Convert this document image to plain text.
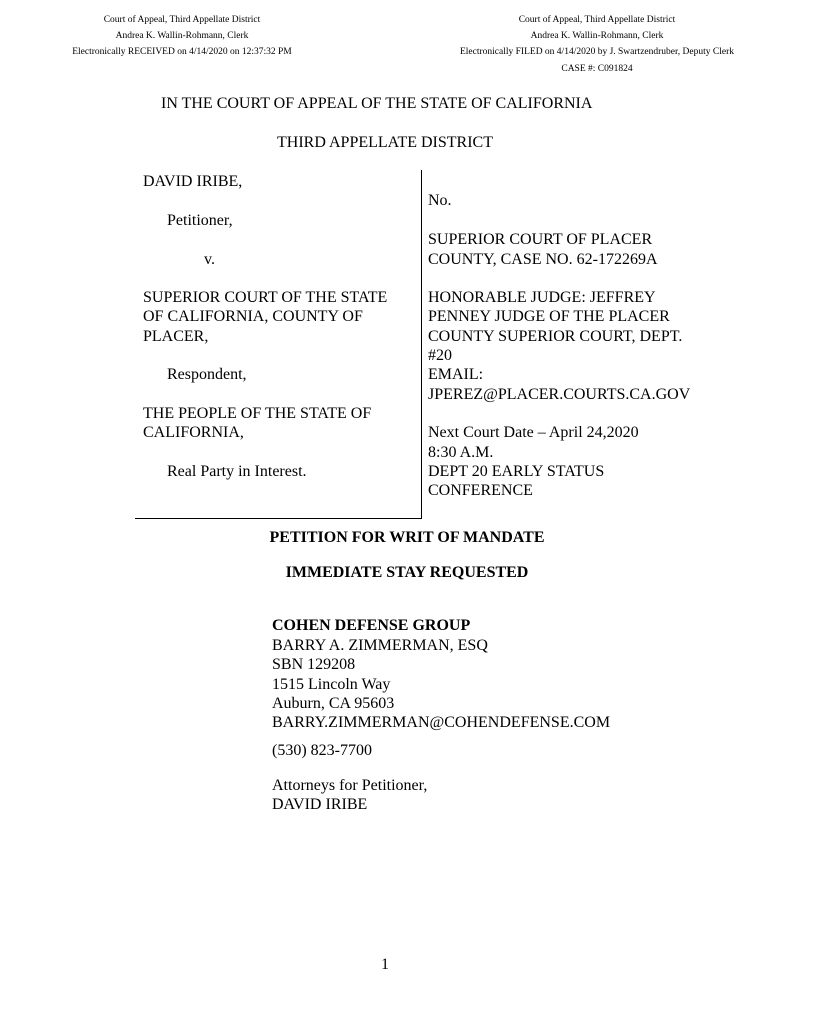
Court of Appeal, Third Appellate District
Andrea K. Wallin-Rohmann, Clerk
Electronically RECEIVED on 4/14/2020 on 12:37:32 PM
Court of Appeal, Third Appellate District
Andrea K. Wallin-Rohmann, Clerk
Electronically FILED on 4/14/2020 by J. Swartzendruber, Deputy Clerk
CASE #: C091824
IN THE COURT OF APPEAL OF THE STATE OF CALIFORNIA
THIRD APPELLATE DISTRICT
DAVID IRIBE,
Petitioner,
v.
SUPERIOR COURT OF THE STATE
OF CALIFORNIA, COUNTY OF
PLACER,
Respondent,
THE PEOPLE OF THE STATE OF
CALIFORNIA,
Real Party in Interest.
No.
SUPERIOR COURT OF PLACER
COUNTY, CASE NO. 62-172269A
HONORABLE JUDGE: JEFFREY
PENNEY JUDGE OF THE PLACER
COUNTY SUPERIOR COURT, DEPT.
#20
EMAIL:
JPEREZ@PLACER.COURTS.CA.GOV
Next Court Date – April 24,2020
8:30 A.M.
DEPT 20 EARLY STATUS
CONFERENCE
PETITION FOR WRIT OF MANDATE
IMMEDIATE STAY REQUESTED
COHEN DEFENSE GROUP
BARRY A. ZIMMERMAN, ESQ
SBN 129208
1515 Lincoln Way
Auburn, CA 95603
BARRY.ZIMMERMAN@COHENDEFENSE.COM
(530) 823-7700
Attorneys for Petitioner,
DAVID IRIBE
1
